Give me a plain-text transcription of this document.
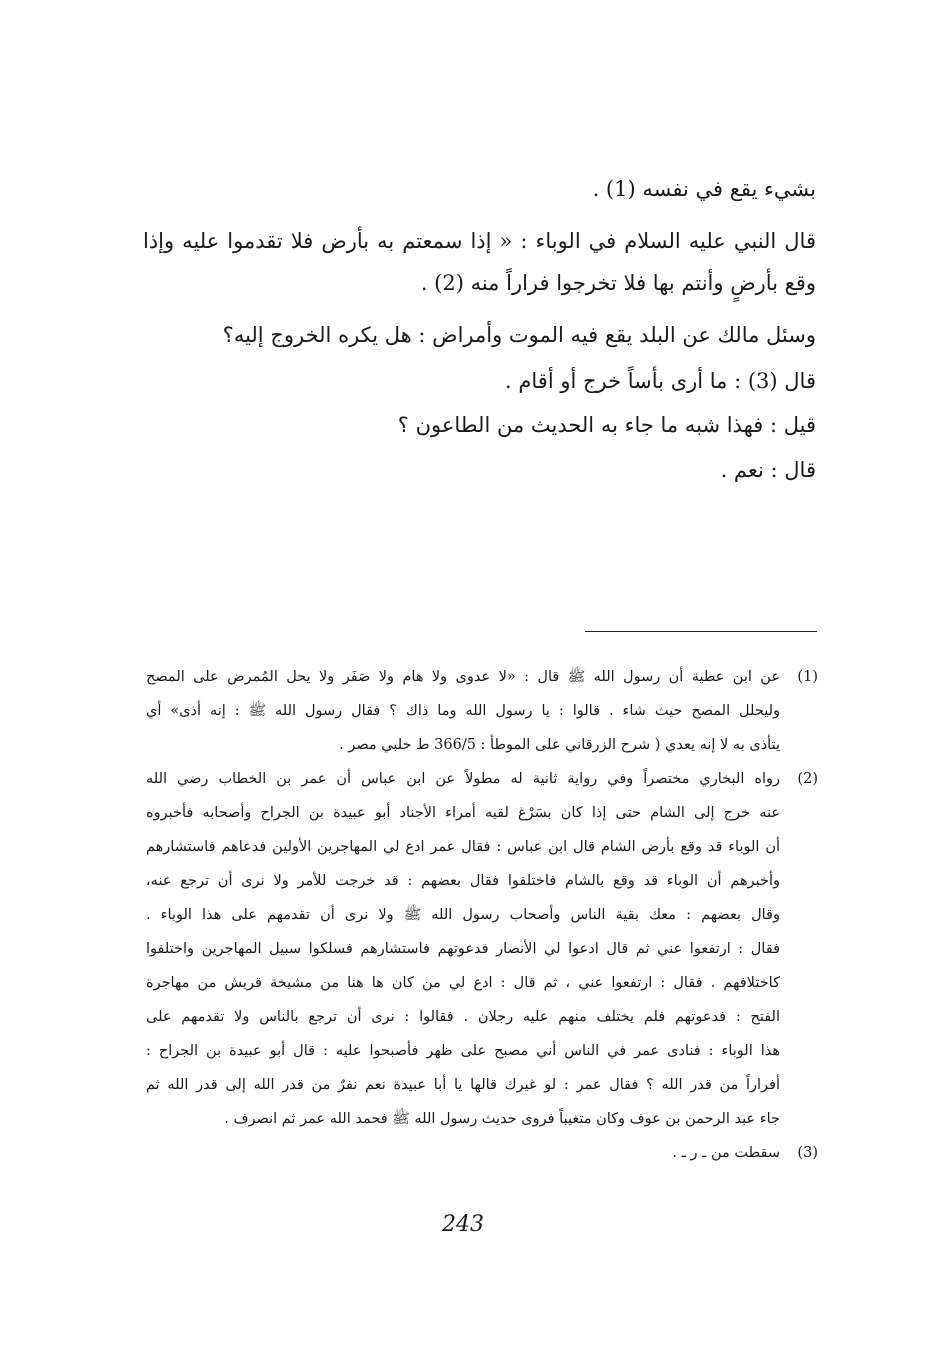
بشيء يقع في نفسه (1) .
قال النبي عليه السلام في الوباء : « إذا سمعتم به بأرض فلا تقدموا عليه وإذا
وقع بأرضٍ وأنتم بها فلا تخرجوا فراراً منه (2) .
وسئل مالك عن البلد يقع فيه الموت وأمراض : هل يكره الخروج إليه؟
قال (3) : ما أرى بأساً خرج أو أقام .
قيل : فهذا شبه ما جاء به الحديث من الطاعون ؟
قال : نعم .
(1)
عن ابن عطية أن رسول الله ﷺ قال : «لا عدوى ولا هام ولا صَفَر ولا يحل المُمرض على المصح
وليحلل المصح حيث شاء . قالوا : يا رسول الله وما ذاك ؟ فقال رسول الله ﷺ : إنه أذى» أي
يتأذى به لا إنه يعدي ( شرح الزرقاني على الموطأ : 366/5 ط حلبي مصر .
(2)
رواه البخاري مختصراً وفي رواية ثانية له مطولاً عن ابن عباس أن عمر بن الخطاب رضي الله
عنه خرج إلى الشام حتى إذا كان بسَرْغ لقيه أمراء الأجناد أبو عبيدة بن الجراح وأصحابه فأخبروه
أن الوباء قد وقع بأرض الشام قال ابن عباس : فقال عمر ادع لي المهاجرين الأولين فدعاهم فاستشارهم
وأخبرهم أن الوباء قد وقع بالشام فاختلفوا فقال بعضهم : قد خرجت للأمر ولا نرى أن ترجع عنه،
وقال بعضهم : معك بقية الناس وأصحاب رسول الله ﷺ ولا نرى أن تقدمهم على هذا الوباء .
فقال : ارتفعوا عني ثم قال ادعوا لي الأنصار فدعوتهم فاستشارهم فسلكوا سبيل المهاجرين واختلفوا
كاختلافهم . فقال : ارتفعوا عني ، ثم قال : ادع لي من كان ها هنا من مشيخة قريش من مهاجرة
الفتح : فدعوتهم فلم يختلف منهم عليه رجلان . فقالوا : نرى أن ترجع بالناس ولا تقدمهم على
هذا الوباء : فنادى عمر في الناس أني مصبح على ظهر فأصبحوا عليه : قال أبو عبيدة بن الجراح :
أفراراً من قدر الله ؟ فقال عمر : لو غيرك قالها يا أبا عبيدة نعم نفرٌ من قدر الله إلى قدر الله ثم
جاء عبد الرحمن بن عوف وكان متغيباً فروى حديث رسول الله ﷺ فحمد الله عمر ثم انصرف .
(3)
سقطت من ـ ر ـ .
243
